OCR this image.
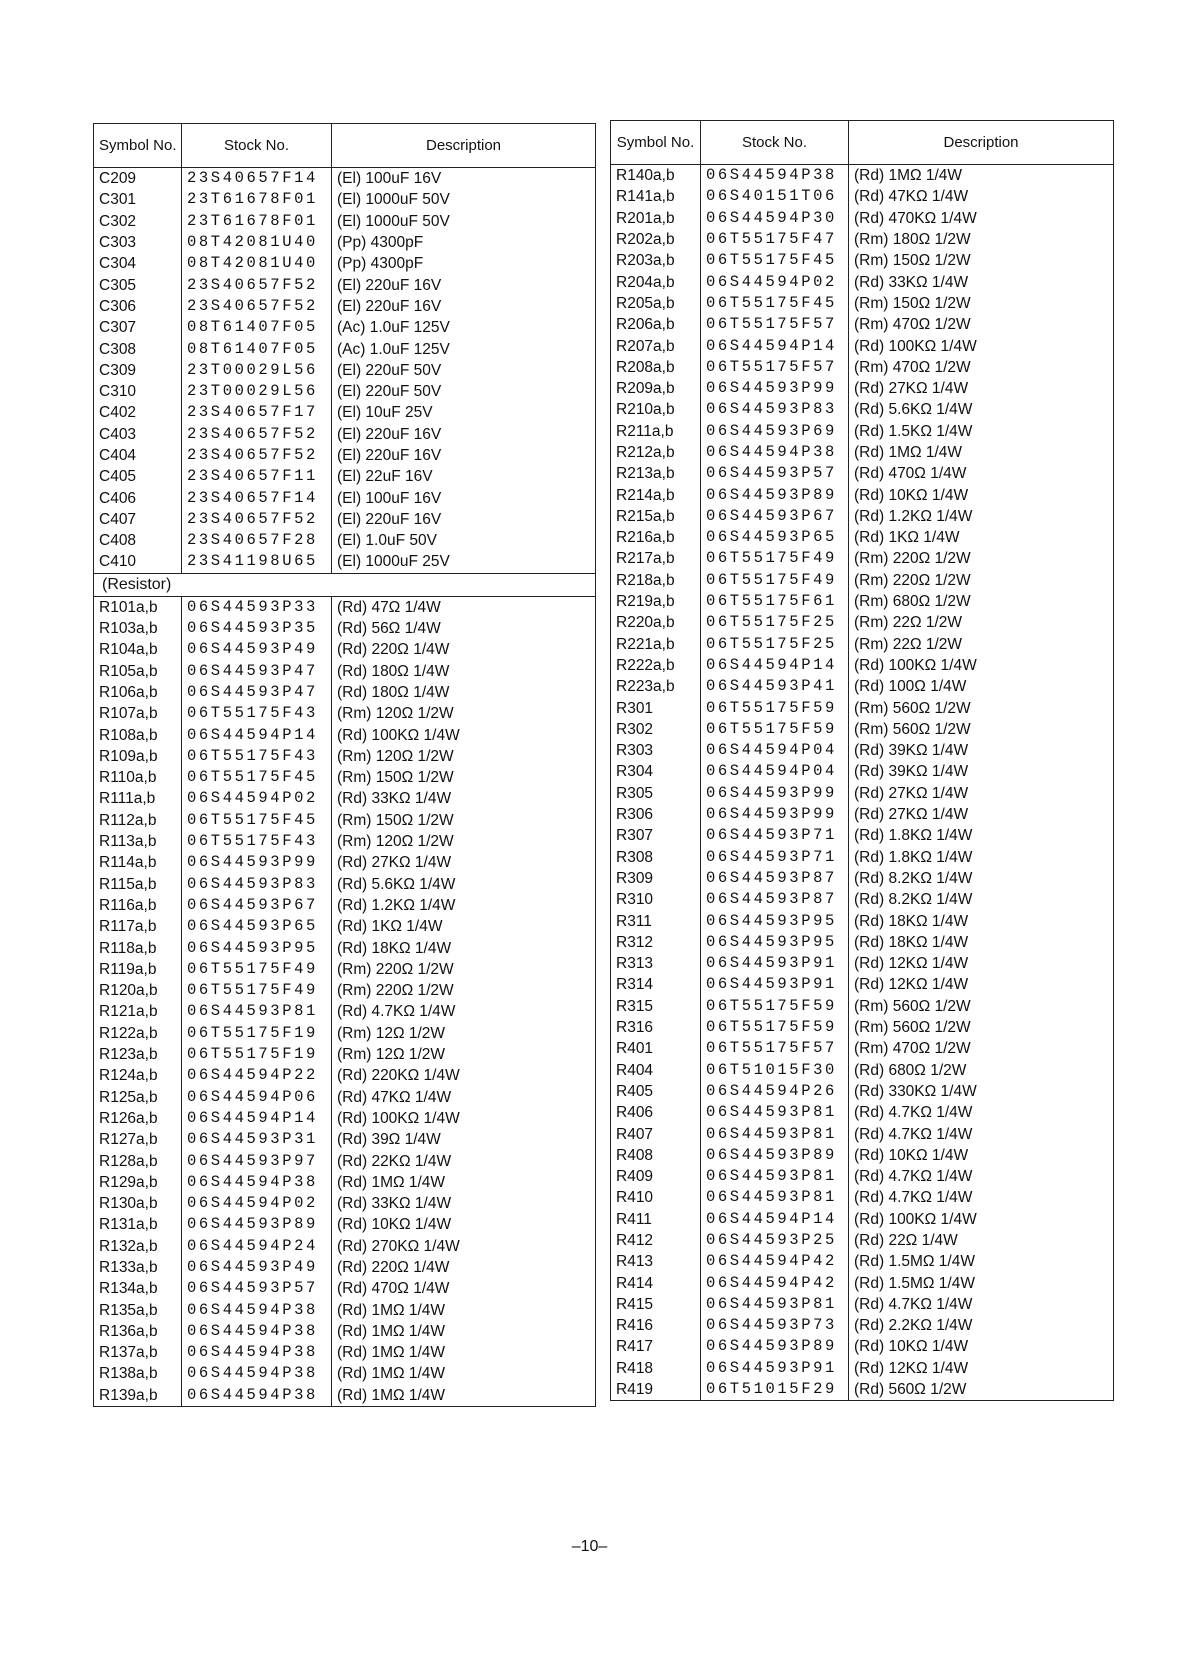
Symbol No.	Stock No.	Description
C209	23S40657F14	(El) 100uF 16V
C301	23T61678F01	(El) 1000uF 50V
C302	23T61678F01	(El) 1000uF 50V
C303	08T42081U40	(Pp) 4300pF
C304	08T42081U40	(Pp) 4300pF
C305	23S40657F52	(El) 220uF 16V
C306	23S40657F52	(El) 220uF 16V
C307	08T61407F05	(Ac) 1.0uF 125V
C308	08T61407F05	(Ac) 1.0uF 125V
C309	23T00029L56	(El) 220uF 50V
C310	23T00029L56	(El) 220uF 50V
C402	23S40657F17	(El) 10uF 25V
C403	23S40657F52	(El) 220uF 16V
C404	23S40657F52	(El) 220uF 16V
C405	23S40657F11	(El) 22uF 16V
C406	23S40657F14	(El) 100uF 16V
C407	23S40657F52	(El) 220uF 16V
C408	23S40657F28	(El) 1.0uF 50V
C410	23S41198U65	(El) 1000uF 25V
(Resistor)		
R101a,b	06S44593P33	(Rd) 47Ω 1/4W
R103a,b	06S44593P35	(Rd) 56Ω 1/4W
R104a,b	06S44593P49	(Rd) 220Ω 1/4W
R105a,b	06S44593P47	(Rd) 180Ω 1/4W
R106a,b	06S44593P47	(Rd) 180Ω 1/4W
R107a,b	06T55175F43	(Rm) 120Ω 1/2W
R108a,b	06S44594P14	(Rd) 100KΩ 1/4W
R109a,b	06T55175F43	(Rm) 120Ω 1/2W
R110a,b	06T55175F45	(Rm) 150Ω 1/2W
R111a,b	06S44594P02	(Rd) 33KΩ 1/4W
R112a,b	06T55175F45	(Rm) 150Ω 1/2W
R113a,b	06T55175F43	(Rm) 120Ω 1/2W
R114a,b	06S44593P99	(Rd) 27KΩ 1/4W
R115a,b	06S44593P83	(Rd) 5.6KΩ 1/4W
R116a,b	06S44593P67	(Rd) 1.2KΩ 1/4W
R117a,b	06S44593P65	(Rd) 1KΩ 1/4W
R118a,b	06S44593P95	(Rd) 18KΩ 1/4W
R119a,b	06T55175F49	(Rm) 220Ω 1/2W
R120a,b	06T55175F49	(Rm) 220Ω 1/2W
R121a,b	06S44593P81	(Rd) 4.7KΩ 1/4W
R122a,b	06T55175F19	(Rm) 12Ω 1/2W
R123a,b	06T55175F19	(Rm) 12Ω 1/2W
R124a,b	06S44594P22	(Rd) 220KΩ 1/4W
R125a,b	06S44594P06	(Rd) 47KΩ 1/4W
R126a,b	06S44594P14	(Rd) 100KΩ 1/4W
R127a,b	06S44593P31	(Rd) 39Ω 1/4W
R128a,b	06S44593P97	(Rd) 22KΩ 1/4W
R129a,b	06S44594P38	(Rd) 1MΩ 1/4W
R130a,b	06S44594P02	(Rd) 33KΩ 1/4W
R131a,b	06S44593P89	(Rd) 10KΩ 1/4W
R132a,b	06S44594P24	(Rd) 270KΩ 1/4W
R133a,b	06S44593P49	(Rd) 220Ω 1/4W
R134a,b	06S44593P57	(Rd) 470Ω 1/4W
R135a,b	06S44594P38	(Rd) 1MΩ 1/4W
R136a,b	06S44594P38	(Rd) 1MΩ 1/4W
R137a,b	06S44594P38	(Rd) 1MΩ 1/4W
R138a,b	06S44594P38	(Rd) 1MΩ 1/4W
R139a,b	06S44594P38	(Rd) 1MΩ 1/4W
Symbol No.	Stock No.	Description
R140a,b	06S44594P38	(Rd) 1MΩ 1/4W
R141a,b	06S40151T06	(Rd) 47KΩ 1/4W
R201a,b	06S44594P30	(Rd) 470KΩ 1/4W
R202a,b	06T55175F47	(Rm) 180Ω 1/2W
R203a,b	06T55175F45	(Rm) 150Ω 1/2W
R204a,b	06S44594P02	(Rd) 33KΩ 1/4W
R205a,b	06T55175F45	(Rm) 150Ω 1/2W
R206a,b	06T55175F57	(Rm) 470Ω 1/2W
R207a,b	06S44594P14	(Rd) 100KΩ 1/4W
R208a,b	06T55175F57	(Rm) 470Ω 1/2W
R209a,b	06S44593P99	(Rd) 27KΩ 1/4W
R210a,b	06S44593P83	(Rd) 5.6KΩ 1/4W
R211a,b	06S44593P69	(Rd) 1.5KΩ 1/4W
R212a,b	06S44594P38	(Rd) 1MΩ 1/4W
R213a,b	06S44593P57	(Rd) 470Ω 1/4W
R214a,b	06S44593P89	(Rd) 10KΩ 1/4W
R215a,b	06S44593P67	(Rd) 1.2KΩ 1/4W
R216a,b	06S44593P65	(Rd) 1KΩ 1/4W
R217a,b	06T55175F49	(Rm) 220Ω 1/2W
R218a,b	06T55175F49	(Rm) 220Ω 1/2W
R219a,b	06T55175F61	(Rm) 680Ω 1/2W
R220a,b	06T55175F25	(Rm) 22Ω 1/2W
R221a,b	06T55175F25	(Rm) 22Ω 1/2W
R222a,b	06S44594P14	(Rd) 100KΩ 1/4W
R223a,b	06S44593P41	(Rd) 100Ω 1/4W
R301	06T55175F59	(Rm) 560Ω 1/2W
R302	06T55175F59	(Rm) 560Ω 1/2W
R303	06S44594P04	(Rd) 39KΩ 1/4W
R304	06S44594P04	(Rd) 39KΩ 1/4W
R305	06S44593P99	(Rd) 27KΩ 1/4W
R306	06S44593P99	(Rd) 27KΩ 1/4W
R307	06S44593P71	(Rd) 1.8KΩ 1/4W
R308	06S44593P71	(Rd) 1.8KΩ 1/4W
R309	06S44593P87	(Rd) 8.2KΩ 1/4W
R310	06S44593P87	(Rd) 8.2KΩ 1/4W
R311	06S44593P95	(Rd) 18KΩ 1/4W
R312	06S44593P95	(Rd) 18KΩ 1/4W
R313	06S44593P91	(Rd) 12KΩ 1/4W
R314	06S44593P91	(Rd) 12KΩ 1/4W
R315	06T55175F59	(Rm) 560Ω 1/2W
R316	06T55175F59	(Rm) 560Ω 1/2W
R401	06T55175F57	(Rm) 470Ω 1/2W
R404	06T51015F30	(Rd) 680Ω 1/2W
R405	06S44594P26	(Rd) 330KΩ 1/4W
R406	06S44593P81	(Rd) 4.7KΩ 1/4W
R407	06S44593P81	(Rd) 4.7KΩ 1/4W
R408	06S44593P89	(Rd) 10KΩ 1/4W
R409	06S44593P81	(Rd) 4.7KΩ 1/4W
R410	06S44593P81	(Rd) 4.7KΩ 1/4W
R411	06S44594P14	(Rd) 100KΩ 1/4W
R412	06S44593P25	(Rd) 22Ω 1/4W
R413	06S44594P42	(Rd) 1.5MΩ 1/4W
R414	06S44594P42	(Rd) 1.5MΩ 1/4W
R415	06S44593P81	(Rd) 4.7KΩ 1/4W
R416	06S44593P73	(Rd) 2.2KΩ 1/4W
R417	06S44593P89	(Rd) 10KΩ 1/4W
R418	06S44593P91	(Rd) 12KΩ 1/4W
R419	06T51015F29	(Rd) 560Ω 1/2W
–10–
